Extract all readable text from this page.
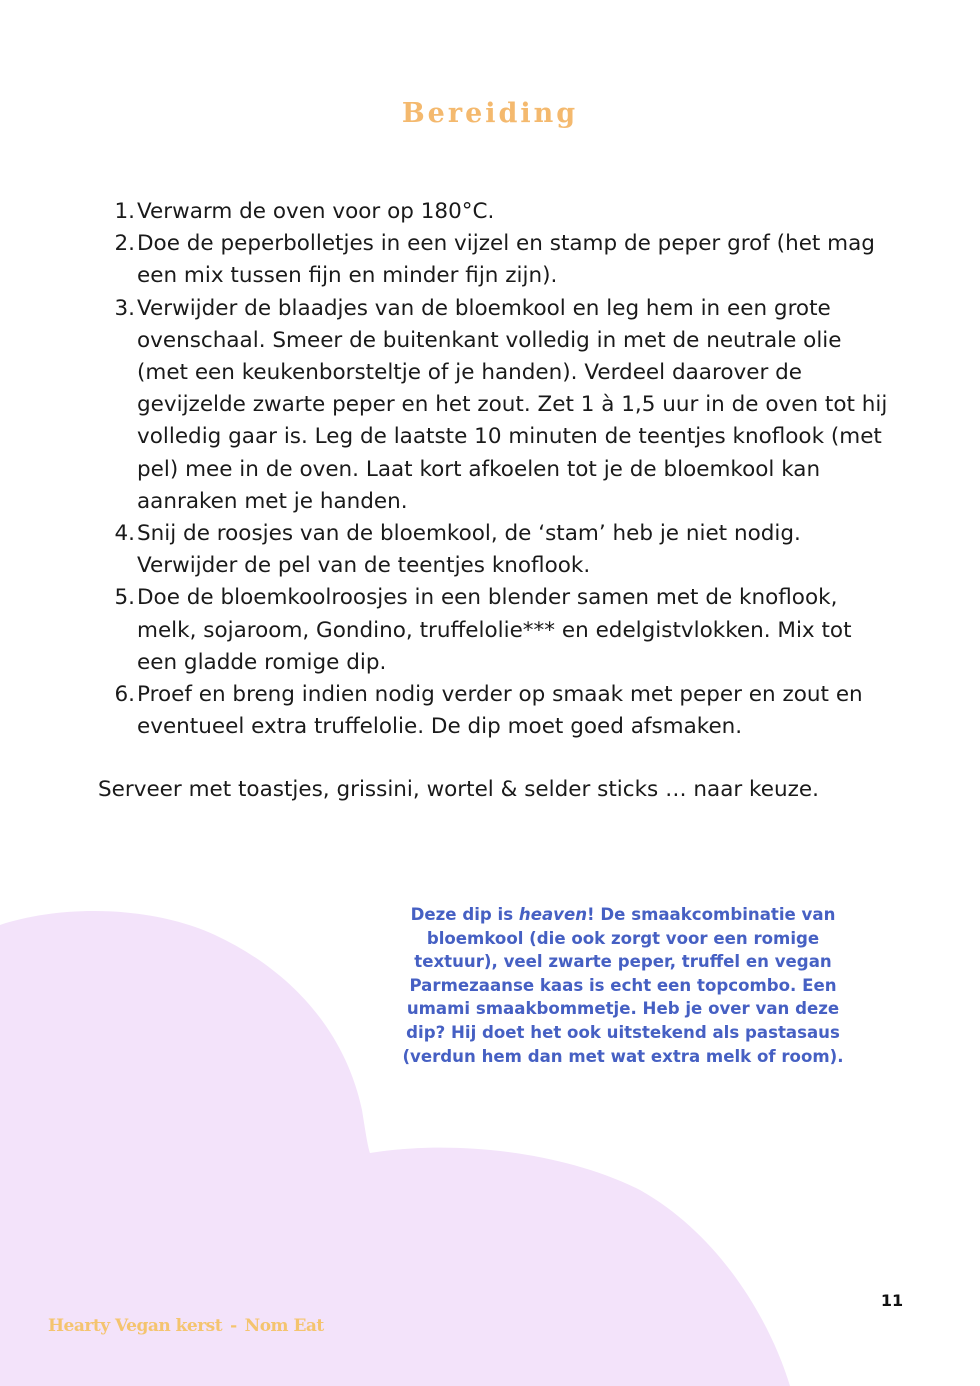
Bereiding
1. Verwarm de oven voor op 180°C.
2. Doe de peperbolletjes in een vijzel en stamp de peper grof (het mag een mix tussen fijn en minder fijn zijn).
3. Verwijder de blaadjes van de bloemkool en leg hem in een grote ovenschaal. Smeer de buitenkant volledig in met de neutrale olie (met een keukenborsteltje of je handen). Verdeel daarover de gevijzelde zwarte peper en het zout. Zet 1 à 1,5 uur in de oven tot hij volledig gaar is. Leg de laatste 10 minuten de teentjes knoflook (met pel) mee in de oven. Laat kort afkoelen tot je de bloemkool kan aanraken met je handen.
4. Snij de roosjes van de bloemkool, de ‘stam’ heb je niet nodig. Verwijder de pel van de teentjes knoflook.
5. Doe de bloemkoolroosjes in een blender samen met de knoflook, melk, sojaroom, Gondino, truffelolie*** en edelgistvlokken. Mix tot een gladde romige dip.
6. Proef en breng indien nodig verder op smaak met peper en zout en eventueel extra truffelolie. De dip moet goed afsmaken.

Serveer met toastjes, grissini, wortel & selder sticks … naar keuze.

Deze dip is heaven! De smaakcombinatie van bloemkool (die ook zorgt voor een romige textuur), veel zwarte peper, truffel en vegan Parmezaanse kaas is echt een topcombo. Een umami smaakbommetje. Heb je over van deze dip? Hij doet het ook uitstekend als pastasaus (verdun hem dan met wat extra melk of room).

Hearty Vegan kerst - Nom Eat
11
